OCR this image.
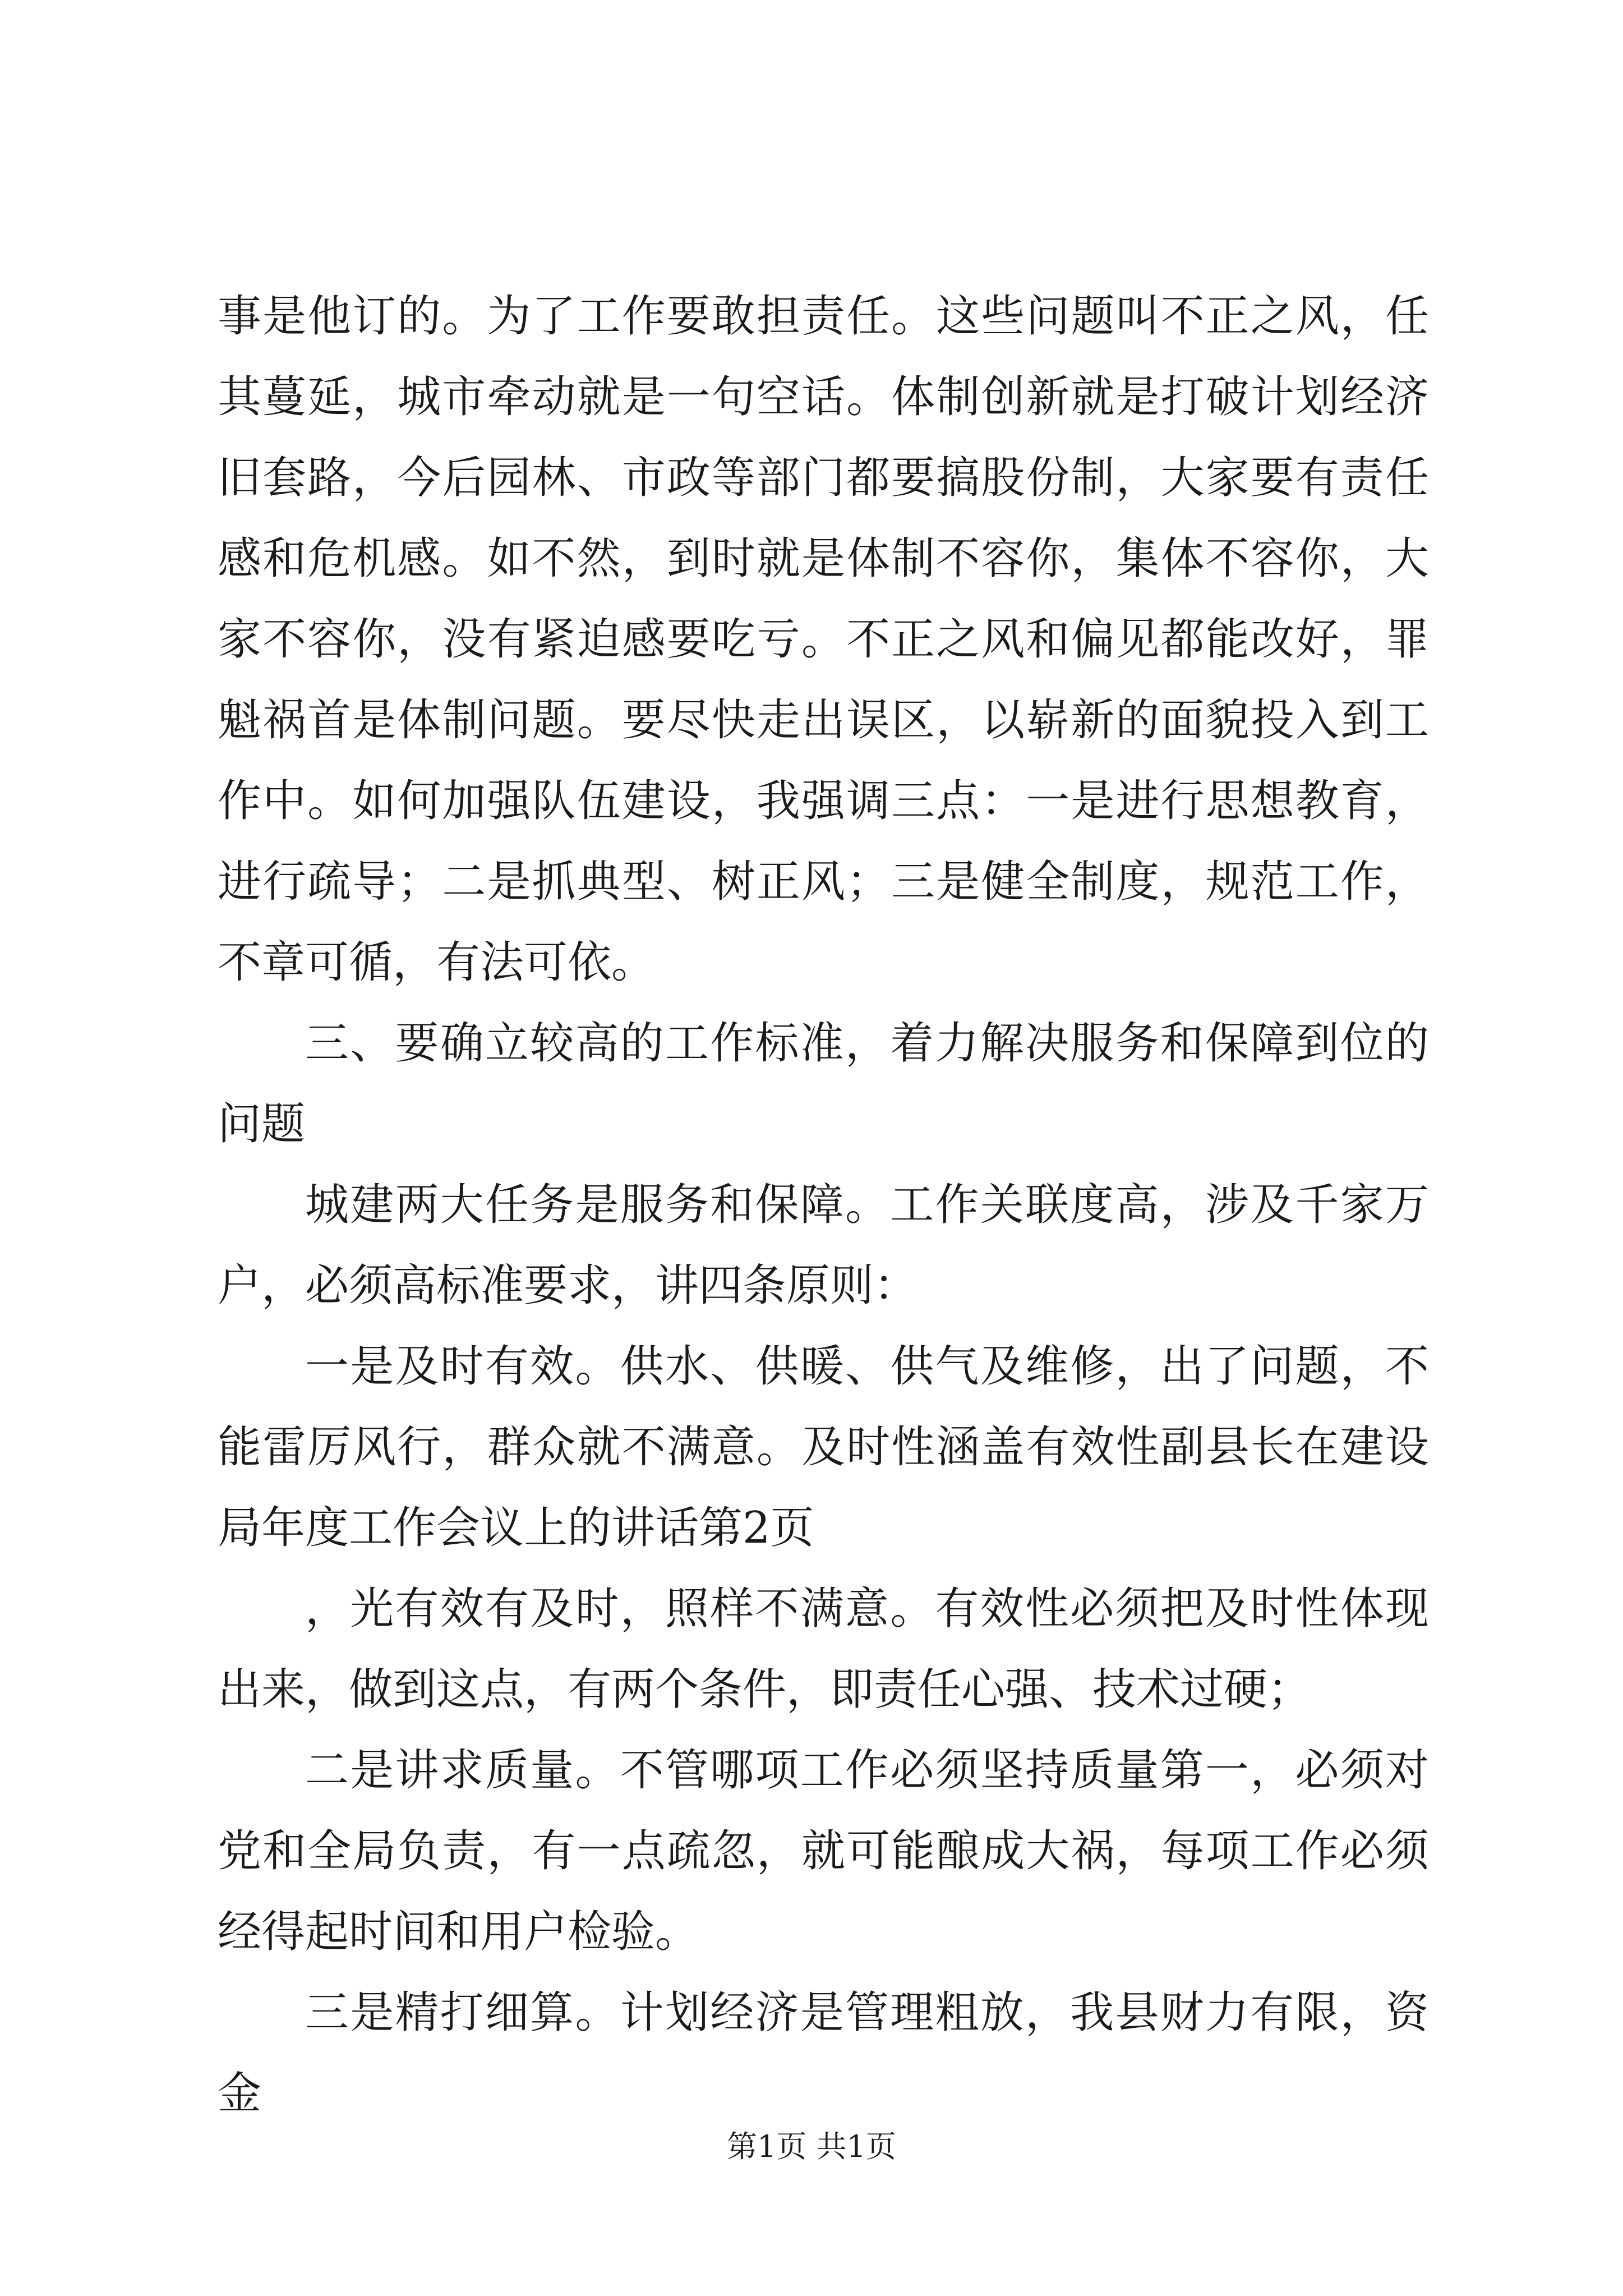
事是他订的。为了工作要敢担责任。这些问题叫不正之风，任其蔓延，城市牵动就是一句空话。体制创新就是打破计划经济旧套路，今后园林、市政等部门都要搞股份制，大家要有责任感和危机感。如不然，到时就是体制不容你，集体不容你，大家不容你，没有紧迫感要吃亏。不正之风和偏见都能改好，罪魁祸首是体制问题。要尽快走出误区，以崭新的面貌投入到工作中。如何加强队伍建设，我强调三点：一是进行思想教育，进行疏导；二是抓典型、树正风；三是健全制度，规范工作，不章可循，有法可依。

三、要确立较高的工作标准，着力解决服务和保障到位的问题

城建两大任务是服务和保障。工作关联度高，涉及千家万户，必须高标准要求，讲四条原则：

一是及时有效。供水、供暖、供气及维修，出了问题，不能雷厉风行，群众就不满意。及时性涵盖有效性副县长在建设局年度工作会议上的讲话第2页

，光有效有及时，照样不满意。有效性必须把及时性体现出来，做到这点，有两个条件，即责任心强、技术过硬；

二是讲求质量。不管哪项工作必须坚持质量第一，必须对党和全局负责，有一点疏忽，就可能酿成大祸，每项工作必须经得起时间和用户检验。

三是精打细算。计划经济是管理粗放，我县财力有限，资金

第1页 共1页
